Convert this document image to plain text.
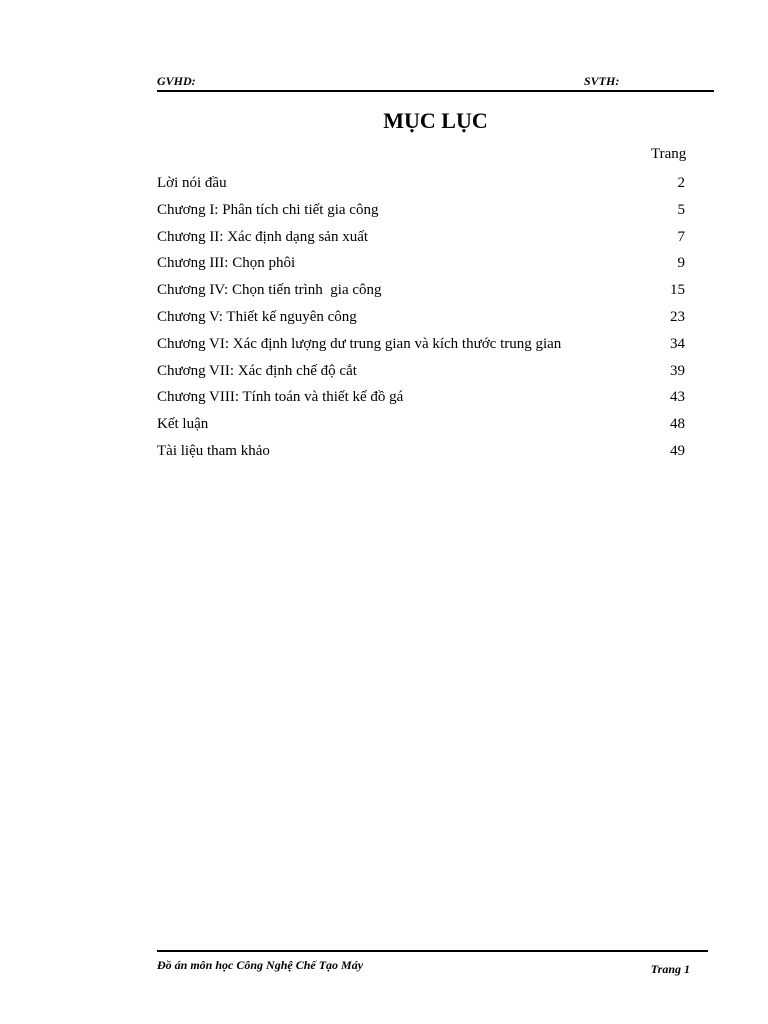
GVHD:	SVTH:
MỤC LỤC
Trang
Lời nói đầu	2
Chương I: Phân tích chi tiết gia công	5
Chương II: Xác định dạng sản xuất	7
Chương III: Chọn phôi	9
Chương IV: Chọn tiến trình  gia công	15
Chương V: Thiết kế nguyên công	23
Chương VI: Xác định lượng dư trung gian và kích thước trung gian	34
Chương VII: Xác định chế độ cắt	39
Chương VIII: Tính toán và thiết kế đồ gá	43
Kết luận	48
Tài liệu tham khảo	49
Đồ án môn học Công Nghệ Chế Tạo Máy	Trang 1
